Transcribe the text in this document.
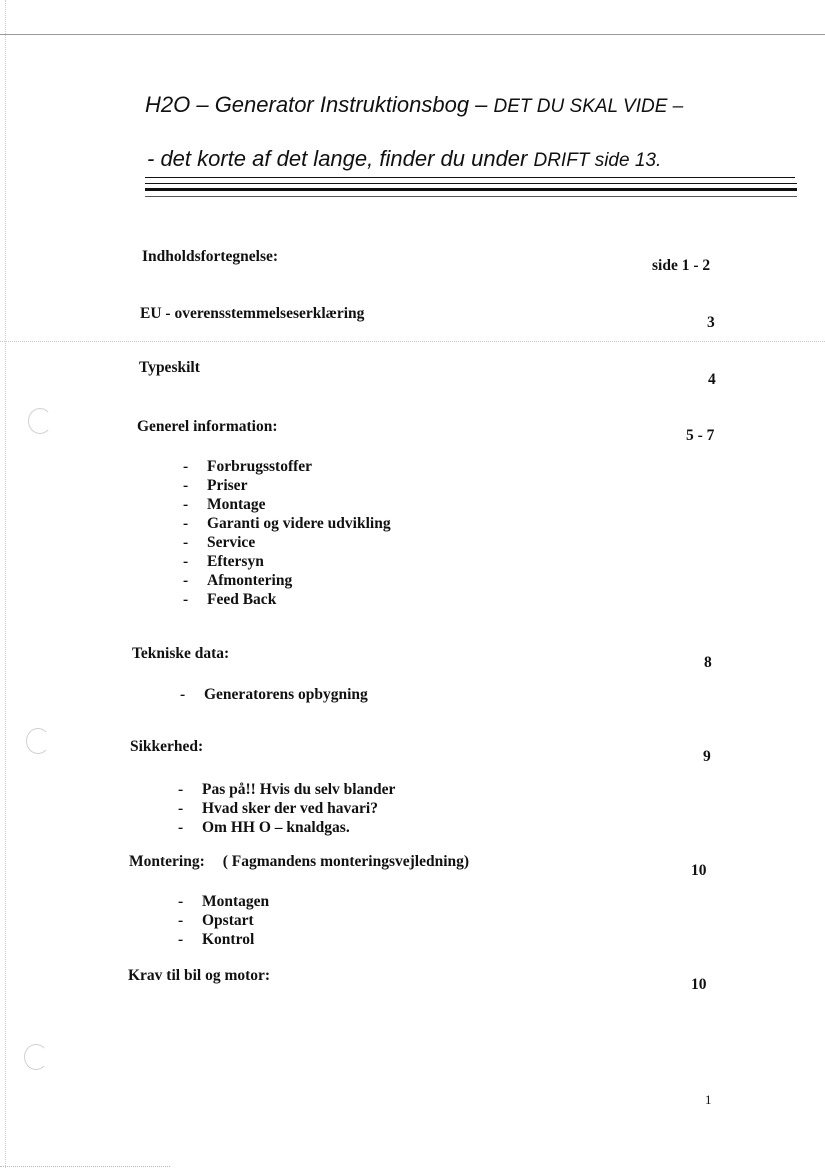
H2O – Generator Instruktionsbog – DET DU SKAL VIDE –
- det korte af det lange, finder du under DRIFT side 13.
Indholdsfortegnelse:
side 1 - 2
EU - overensstemmelseserklæring
3
Typeskilt
4
Generel information:
5 - 7
- Forbrugsstoffer
- Priser
- Montage
- Garanti og videre udvikling
- Service
- Eftersyn
- Afmontering
- Feed Back
Tekniske data:
8
- Generatorens opbygning
Sikkerhed:
9
- Pas på!! Hvis du selv blander
- Hvad sker der ved havari?
- Om HH O – knaldgas.
Montering: ( Fagmandens monteringsvejledning)
10
- Montagen
- Opstart
- Kontrol
Krav til bil og motor:
10
1
